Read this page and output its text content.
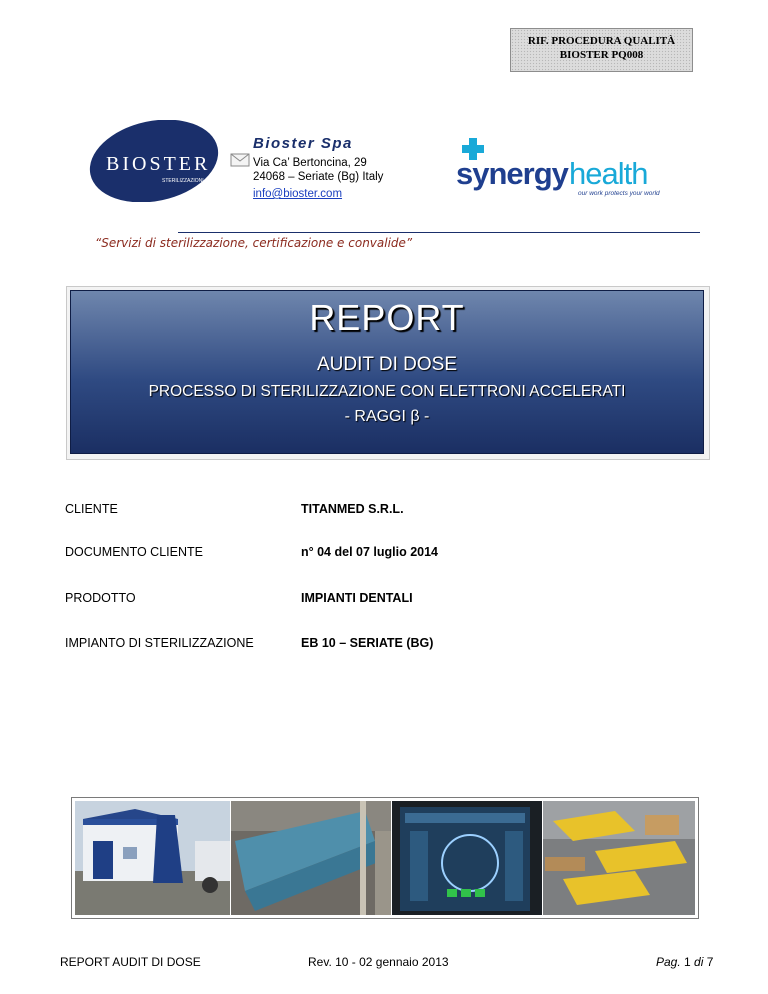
RIF. PROCEDURA QUALITÀ
BIOSTER PQ008
BIOSTER
STERILIZZAZIONI
Bioster Spa
Via Ca’ Bertoncina, 29
24068 – Seriate (Bg) Italy
info@bioster.com
synergy health
our work protects your world
“Servizi di sterilizzazione, certificazione e convalide”
REPORT
AUDIT DI DOSE
PROCESSO DI STERILIZZAZIONE CON ELETTRONI ACCELERATI
- RAGGI β -
CLIENTE	TITANMED S.R.L.
DOCUMENTO CLIENTE	n° 04 del 07 luglio 2014
PRODOTTO	IMPIANTI DENTALI
IMPIANTO DI STERILIZZAZIONE	EB 10 – SERIATE (BG)
REPORT AUDIT DI DOSE	Rev. 10 - 02 gennaio 2013	Pag. 1 di 7
